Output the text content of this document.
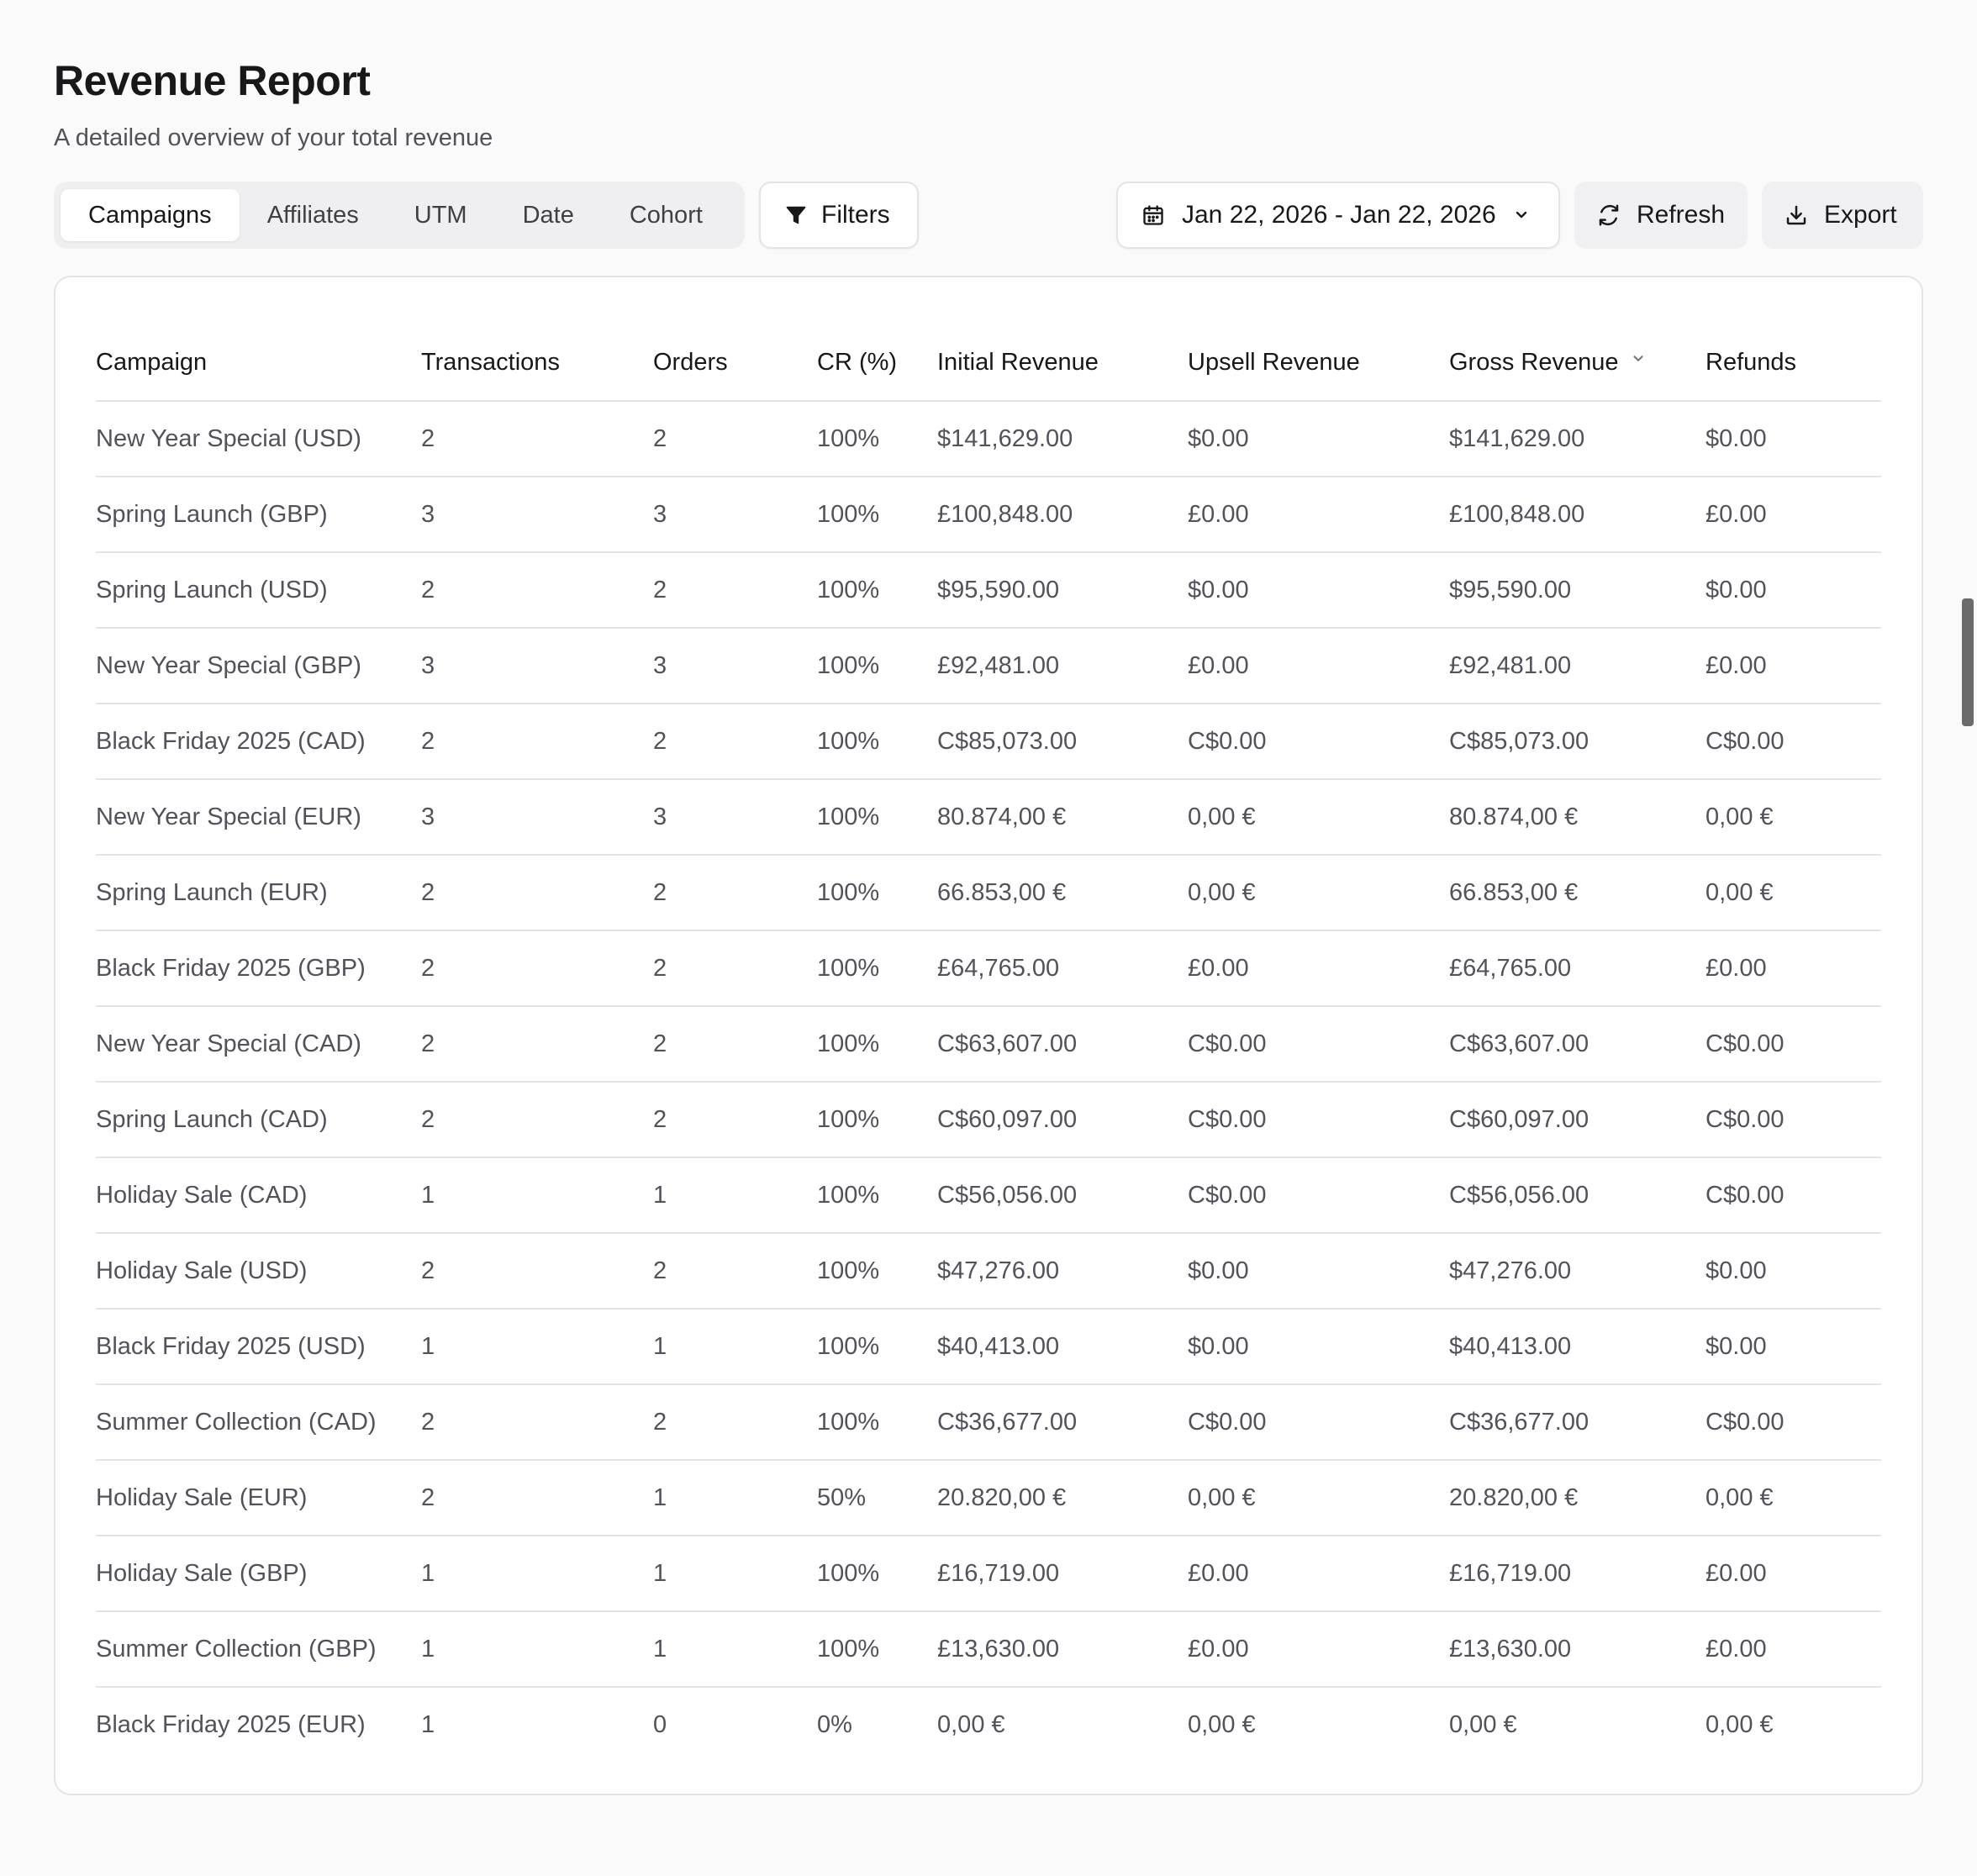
Revenue Report
A detailed overview of your total revenue
Campaigns	Affiliates	UTM	Date	Cohort	Filters	Jan 22, 2026 - Jan 22, 2026	Refresh	Export
Campaign	Transactions	Orders	CR (%)	Initial Revenue	Upsell Revenue	Gross Revenue	Refunds
New Year Special (USD)	2	2	100%	$141,629.00	$0.00	$141,629.00	$0.00
Spring Launch (GBP)	3	3	100%	£100,848.00	£0.00	£100,848.00	£0.00
Spring Launch (USD)	2	2	100%	$95,590.00	$0.00	$95,590.00	$0.00
New Year Special (GBP)	3	3	100%	£92,481.00	£0.00	£92,481.00	£0.00
Black Friday 2025 (CAD)	2	2	100%	C$85,073.00	C$0.00	C$85,073.00	C$0.00
New Year Special (EUR)	3	3	100%	80.874,00 €	0,00 €	80.874,00 €	0,00 €
Spring Launch (EUR)	2	2	100%	66.853,00 €	0,00 €	66.853,00 €	0,00 €
Black Friday 2025 (GBP)	2	2	100%	£64,765.00	£0.00	£64,765.00	£0.00
New Year Special (CAD)	2	2	100%	C$63,607.00	C$0.00	C$63,607.00	C$0.00
Spring Launch (CAD)	2	2	100%	C$60,097.00	C$0.00	C$60,097.00	C$0.00
Holiday Sale (CAD)	1	1	100%	C$56,056.00	C$0.00	C$56,056.00	C$0.00
Holiday Sale (USD)	2	2	100%	$47,276.00	$0.00	$47,276.00	$0.00
Black Friday 2025 (USD)	1	1	100%	$40,413.00	$0.00	$40,413.00	$0.00
Summer Collection (CAD)	2	2	100%	C$36,677.00	C$0.00	C$36,677.00	C$0.00
Holiday Sale (EUR)	2	1	50%	20.820,00 €	0,00 €	20.820,00 €	0,00 €
Holiday Sale (GBP)	1	1	100%	£16,719.00	£0.00	£16,719.00	£0.00
Summer Collection (GBP)	1	1	100%	£13,630.00	£0.00	£13,630.00	£0.00
Black Friday 2025 (EUR)	1	0	0%	0,00 €	0,00 €	0,00 €	0,00 €
